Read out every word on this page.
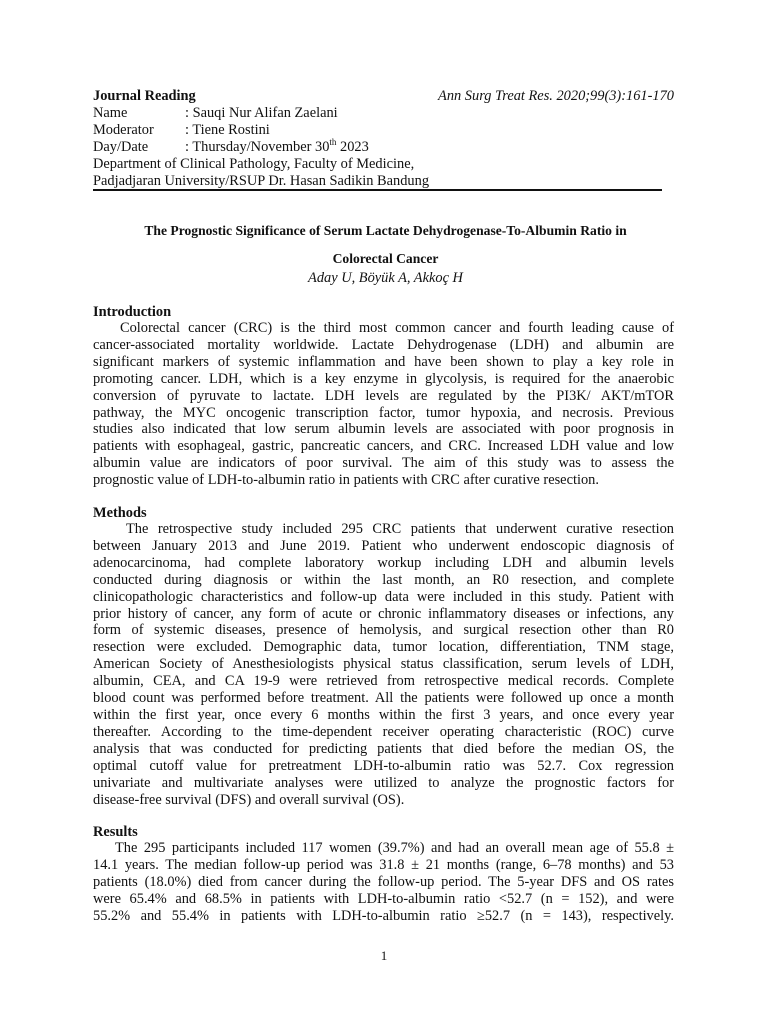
Journal Reading	Ann Surg Treat Res. 2020;99(3):161-170
Name	: Sauqi Nur Alifan Zaelani
Moderator : Tiene Rostini
Day/Date	: Thursday/November 30th 2023
Department of Clinical Pathology, Faculty of Medicine,
Padjadjaran University/RSUP Dr. Hasan Sadikin Bandung
The Prognostic Significance of Serum Lactate Dehydrogenase-To-Albumin Ratio in
Colorectal Cancer
Aday U, Böyük A, Akkoç H
Introduction
Colorectal cancer (CRC) is the third most common cancer and fourth leading cause of
cancer-associated mortality worldwide. Lactate Dehydrogenase (LDH) and albumin are
significant markers of systemic inflammation and have been shown to play a key role in
promoting cancer. LDH, which is a key enzyme in glycolysis, is required for the anaerobic
conversion of pyruvate to lactate. LDH levels are regulated by the PI3K/ AKT/mTOR
pathway, the MYC oncogenic transcription factor, tumor hypoxia, and necrosis. Previous
studies also indicated that low serum albumin levels are associated with poor prognosis in
patients with esophageal, gastric, pancreatic cancers, and CRC. Increased LDH value and low
albumin value are indicators of poor survival. The aim of this study was to assess the
prognostic value of LDH-to-albumin ratio in patients with CRC after curative resection.
Methods
The retrospective study included 295 CRC patients that underwent curative resection
between January 2013 and June 2019. Patient who underwent endoscopic diagnosis of
adenocarcinoma, had complete laboratory workup including LDH and albumin levels
conducted during diagnosis or within the last month, an R0 resection, and complete
clinicopathologic characteristics and follow-up data were included in this study. Patient with
prior history of cancer, any form of acute or chronic inflammatory diseases or infections, any
form of systemic diseases, presence of hemolysis, and surgical resection other than R0
resection were excluded. Demographic data, tumor location, differentiation, TNM stage,
American Society of Anesthesiologists physical status classification, serum levels of LDH,
albumin, CEA, and CA 19-9 were retrieved from retrospective medical records. Complete
blood count was performed before treatment. All the patients were followed up once a month
within the first year, once every 6 months within the first 3 years, and once every year
thereafter. According to the time-dependent receiver operating characteristic (ROC) curve
analysis that was conducted for predicting patients that died before the median OS, the
optimal cutoff value for pretreatment LDH-to-albumin ratio was 52.7. Cox regression
univariate and multivariate analyses were utilized to analyze the prognostic factors for
disease-free survival (DFS) and overall survival (OS).
Results
The 295 participants included 117 women (39.7%) and had an overall mean age of 55.8 ±
14.1 years. The median follow-up period was 31.8 ± 21 months (range, 6–78 months) and 53
patients (18.0%) died from cancer during the follow-up period. The 5-year DFS and OS rates
were 65.4% and 68.5% in patients with LDH-to-albumin ratio <52.7 (n = 152), and were
55.2% and 55.4% in patients with LDH-to-albumin ratio ≥52.7 (n = 143), respectively.
1
